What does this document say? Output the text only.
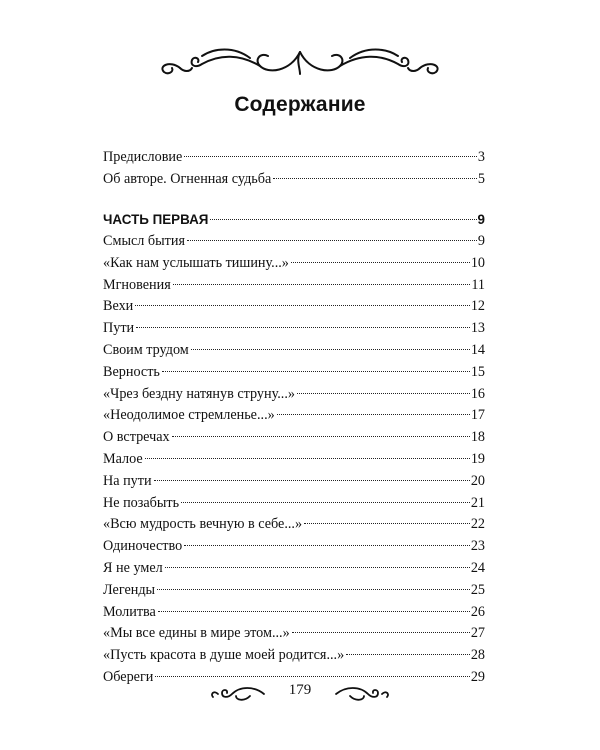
Содержание
Предисловие	3
Об авторе. Огненная судьба	5
ЧАСТЬ ПЕРВАЯ	9
Смысл бытия	9
«Как нам услышать тишину...»	10
Мгновения	11
Вехи	12
Пути	13
Своим трудом	14
Верность	15
«Чрез бездну натянув струну...»	16
«Неодолимое стремленье...»	17
О встречах	18
Малое	19
На пути	20
Не позабыть	21
«Всю мудрость вечную в себе...»	22
Одиночество	23
Я не умел	24
Легенды	25
Молитва	26
«Мы все едины в мире этом...»	27
«Пусть красота в душе моей родится...»	28
Обереги	29
179
